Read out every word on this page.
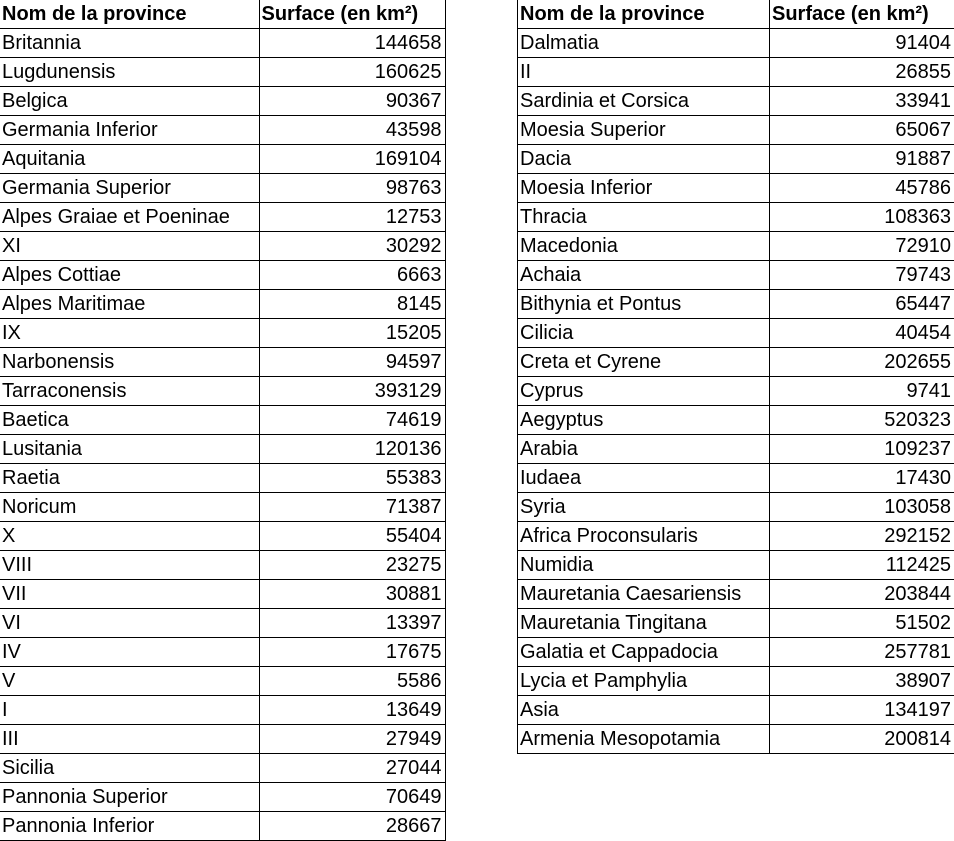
Nom de la province	Surface (en km²)
Britannia	144658
Lugdunensis	160625
Belgica	90367
Germania Inferior	43598
Aquitania	169104
Germania Superior	98763
Alpes Graiae et Poeninae	12753
XI	30292
Alpes Cottiae	6663
Alpes Maritimae	8145
IX	15205
Narbonensis	94597
Tarraconensis	393129
Baetica	74619
Lusitania	120136
Raetia	55383
Noricum	71387
X	55404
VIII	23275
VII	30881
VI	13397
IV	17675
V	5586
I	13649
III	27949
Sicilia	27044
Pannonia Superior	70649
Pannonia Inferior	28667
Nom de la province	Surface (en km²)
Dalmatia	91404
II	26855
Sardinia et Corsica	33941
Moesia Superior	65067
Dacia	91887
Moesia Inferior	45786
Thracia	108363
Macedonia	72910
Achaia	79743
Bithynia et Pontus	65447
Cilicia	40454
Creta et Cyrene	202655
Cyprus	9741
Aegyptus	520323
Arabia	109237
Iudaea	17430
Syria	103058
Africa Proconsularis	292152
Numidia	112425
Mauretania Caesariensis	203844
Mauretania Tingitana	51502
Galatia et Cappadocia	257781
Lycia et Pamphylia	38907
Asia	134197
Armenia Mesopotamia	200814
